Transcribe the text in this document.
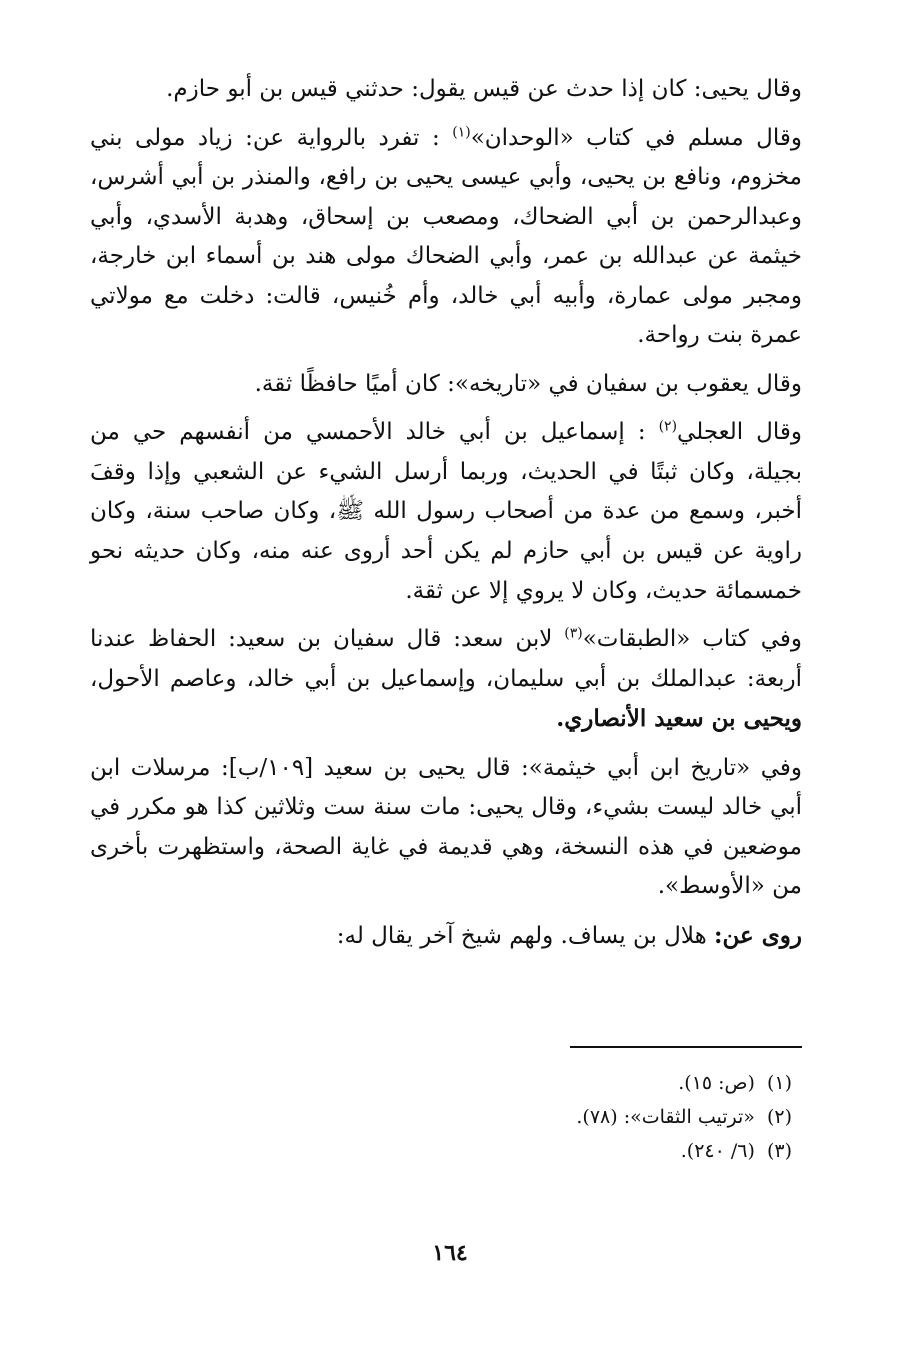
وقال يحيى: كان إذا حدث عن قيس يقول: حدثني قيس بن أبو حازم.

وقال مسلم في كتاب «الوحدان»$^{(١)}$ : تفرد بالرواية عن: زياد مولى بني مخزوم، ونافع بن يحيى، وأبي عيسى يحيى بن رافع، والمنذر بن أبي أشرس، وعبدالرحمن بن أبي الضحاك، ومصعب بن إسحاق، وهدبة الأسدي، وأبي خيثمة عن عبدالله بن عمر، وأبي الضحاك مولى هند بن أسماء ابن خارجة، ومجبر مولى عمارة، وأبيه أبي خالد، وأم خُنيس، قالت: دخلت مع مولاتي عمرة بنت رواحة.

وقال يعقوب بن سفيان في «تاريخه»: كان أميًا حافظًا ثقة.

وقال العجلي$^{(٢)}$ : إسماعيل بن أبي خالد الأحمسي من أنفسهم حي من بجيلة، وكان ثبتًا في الحديث، وربما أرسل الشيء عن الشعبي وإذا وقفَ أخبر، وسمع من عدة من أصحاب رسول الله ﷺ، وكان صاحب سنة، وكان راوية عن قيس بن أبي حازم لم يكن أحد أروى عنه منه، وكان حديثه نحو خمسمائة حديث، وكان لا يروي إلا عن ثقة.

وفي كتاب «الطبقات»$^{(٣)}$ لابن سعد: قال سفيان بن سعيد: الحفاظ عندنا أربعة: عبدالملك بن أبي سليمان، وإسماعيل بن أبي خالد، وعاصم الأحول، ويحيى بن سعيد الأنصاري.

وفي «تاريخ ابن أبي خيثمة»: قال يحيى بن سعيد [١٠٩/ب]: مرسلات ابن أبي خالد ليست بشيء، وقال يحيى: مات سنة ست وثلاثين كذا هو مكرر في موضعين في هذه النسخة، وهي قديمة في غاية الصحة، واستظهرت بأخرى من «الأوسط».

روى عن: هلال بن يساف. ولهم شيخ آخر يقال له:

(١)(ص: ١٥).
(٢)«ترتيب الثقات»: (٧٨).
(٣)(٦/ ٢٤٠).
١٦٤
